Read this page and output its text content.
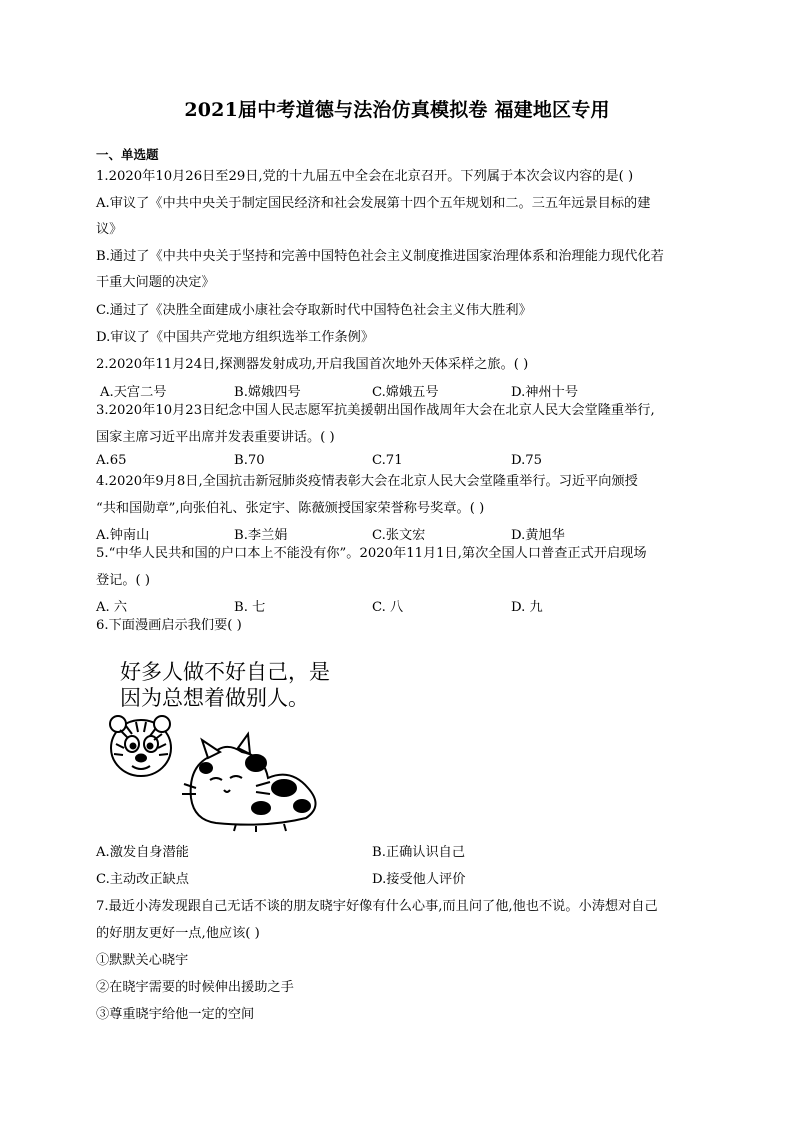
2021届中考道德与法治仿真模拟卷 福建地区专用
一、单选题
1.2020年10月26日至29日,党的十九届五中全会在北京召开。下列属于本次会议内容的是( )
A.审议了《中共中央关于制定国民经济和社会发展第十四个五年规划和二。三五年远景目标的建
议》
B.通过了《中共中央关于坚持和完善中国特色社会主义制度推进国家治理体系和治理能力现代化若
干重大问题的决定》
C.通过了《决胜全面建成小康社会夺取新时代中国特色社会主义伟大胜利》
D.审议了《中国共产党地方组织选举工作条例》
2.2020年11月24日,探测器发射成功,开启我国首次地外天体采样之旅。( )
A.天宫二号	B.嫦娥四号	C.嫦娥五号	D.神州十号
3.2020年10月23日纪念中国人民志愿军抗美援朝出国作战周年大会在北京人民大会堂隆重举行,
国家主席习近平出席并发表重要讲话。( )
A.65	B.70	C.71	D.75
4.2020年9月8日,全国抗击新冠肺炎疫情表彰大会在北京人民大会堂隆重举行。习近平向颁授
“共和国勋章”,向张伯礼、张定宇、陈薇颁授国家荣誉称号奖章。( )
A.钟南山	B.李兰娟	C.张文宏	D.黄旭华
5.“中华人民共和国的户口本上不能没有你”。2020年11月1日,第次全国人口普查正式开启现场
登记。( )
A. 六	B. 七	C. 八	D. 九
6.下面漫画启示我们要( )
好多人做不好自己，是
因为总想着做别人。
A.激发自身潜能	B.正确认识自己
C.主动改正缺点	D.接受他人评价
7.最近小涛发现跟自己无话不谈的朋友晓宇好像有什么心事,而且问了他,他也不说。小涛想对自己
的好朋友更好一点,他应该( )
①默默关心晓宇
②在晓宇需要的时候伸出援助之手
③尊重晓宇给他一定的空间
